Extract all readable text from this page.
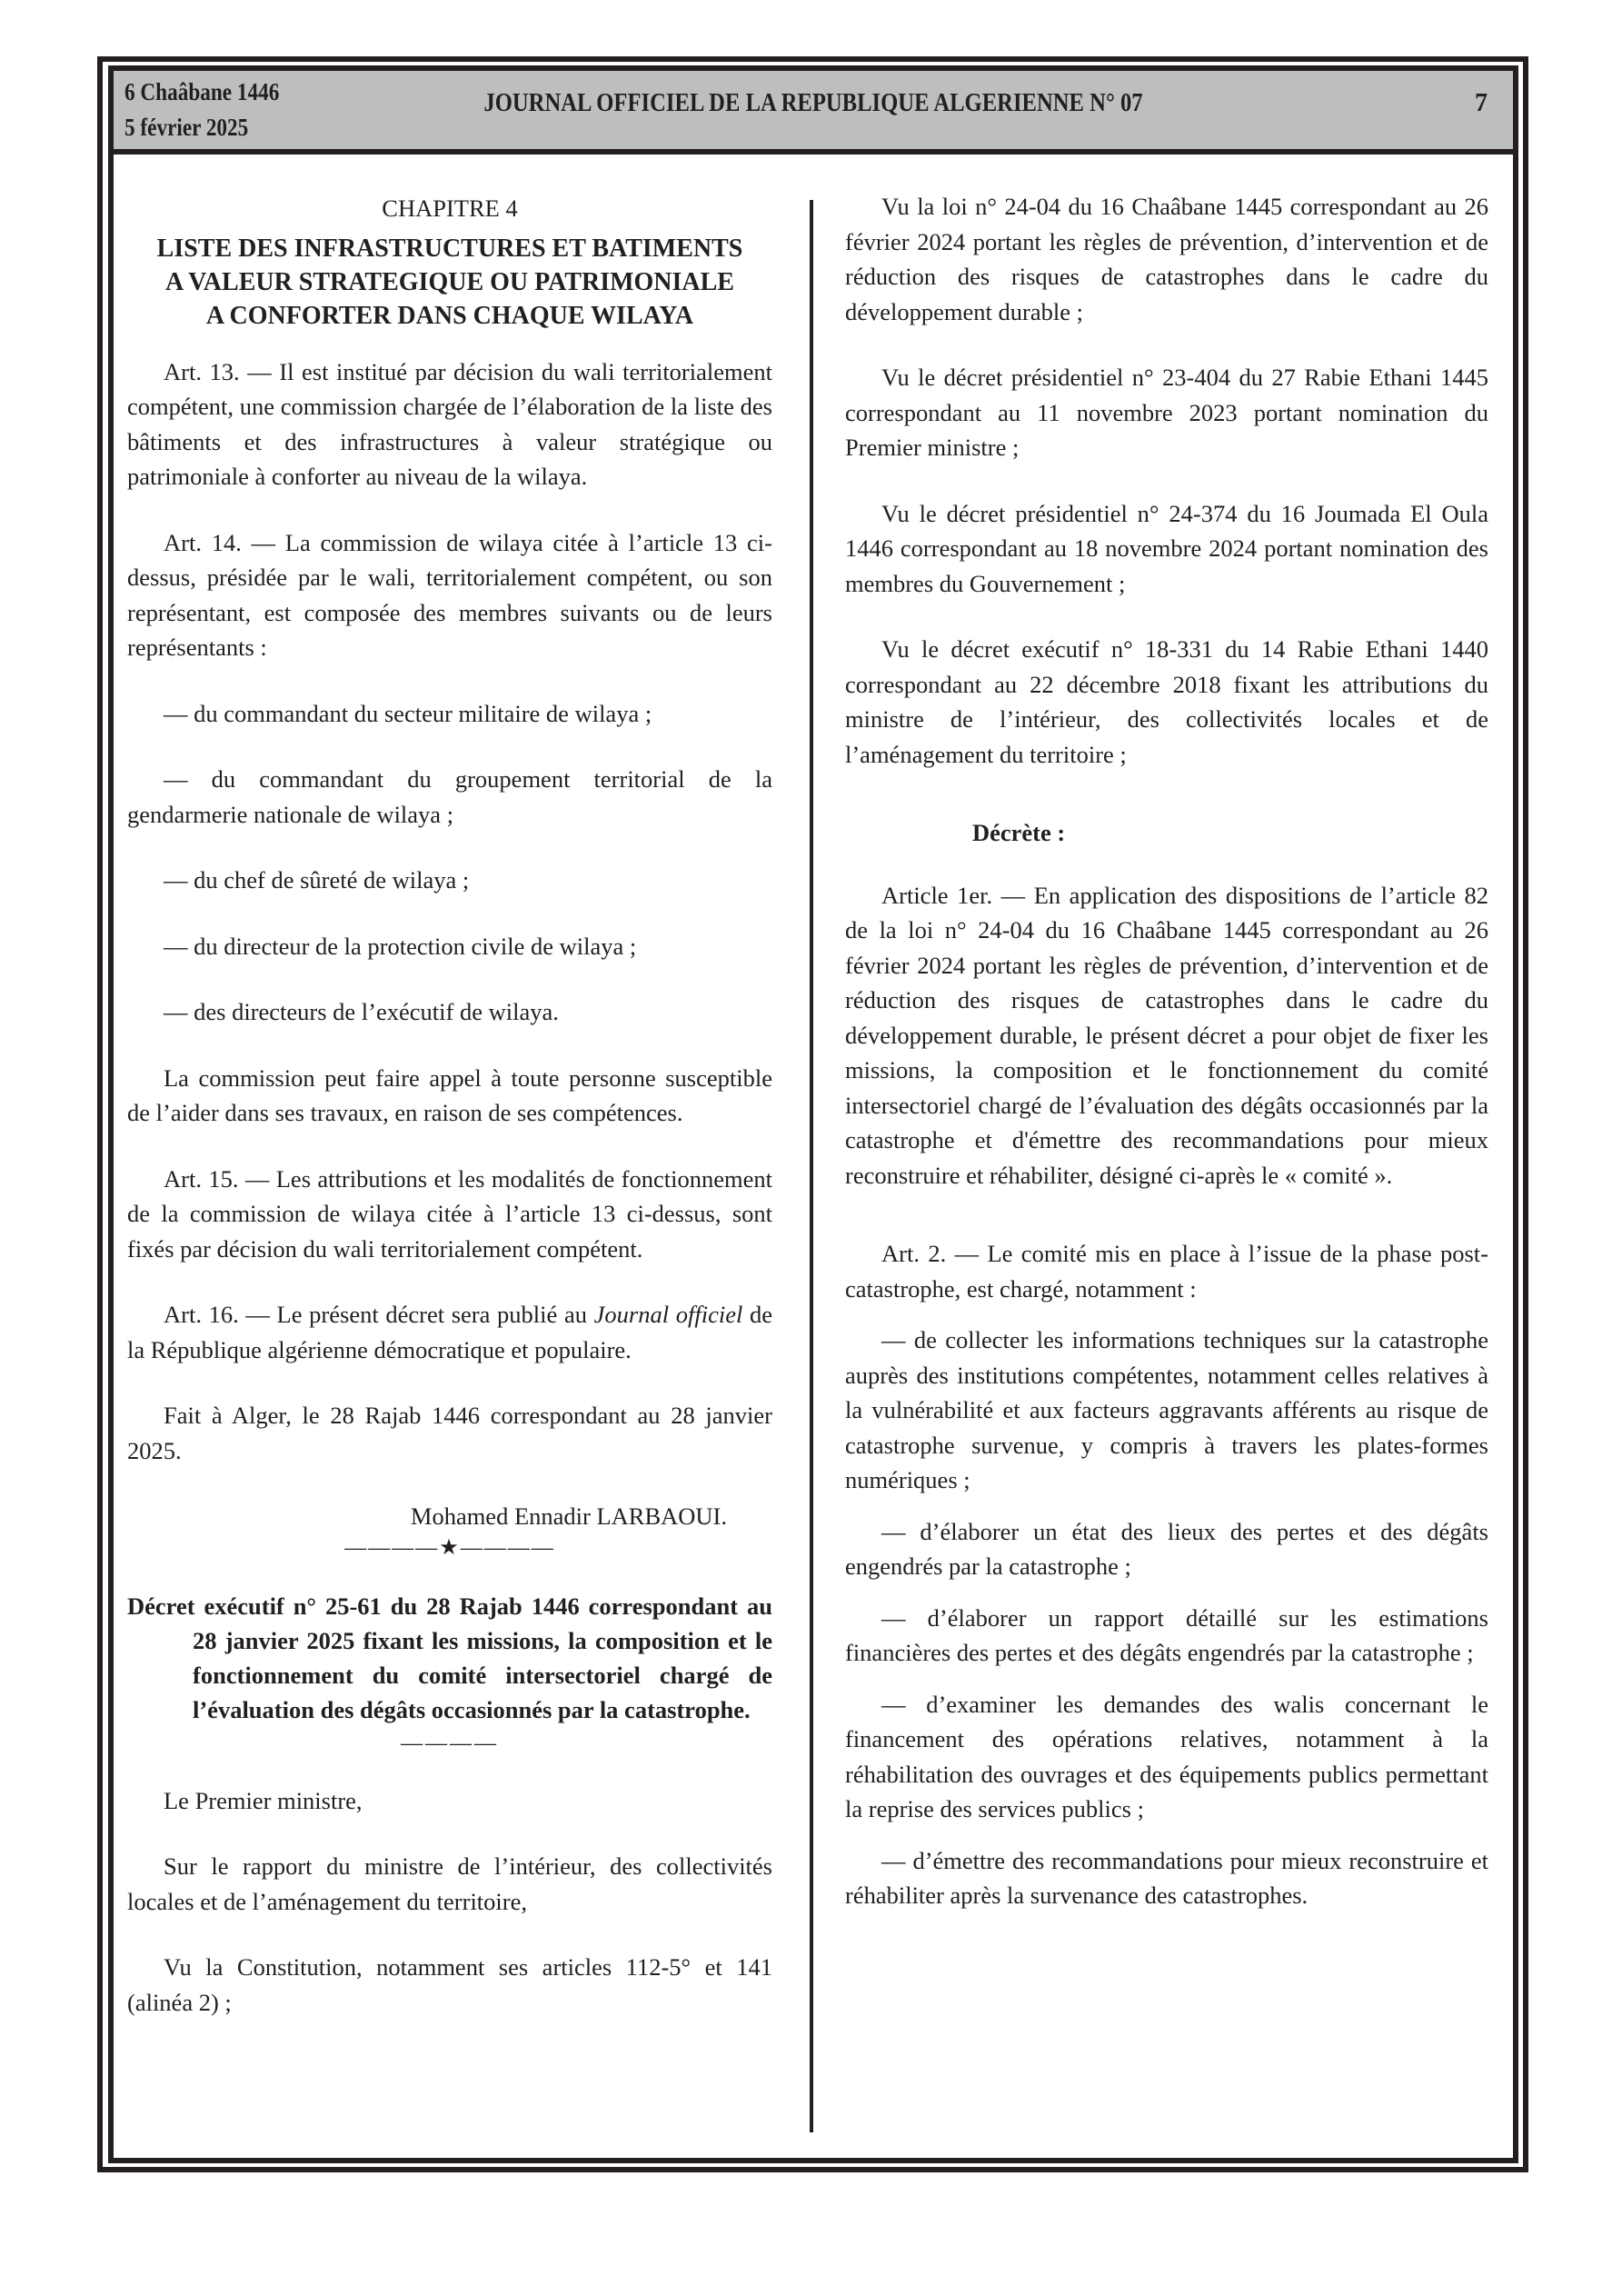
6 Chaâbane 1446
5 février 2025
JOURNAL OFFICIEL DE LA REPUBLIQUE ALGERIENNE N° 07	7
CHAPITRE 4
LISTE DES INFRASTRUCTURES ET BATIMENTS
A VALEUR STRATEGIQUE OU PATRIMONIALE
A CONFORTER DANS CHAQUE WILAYA

Art. 13. — Il est institué par décision du wali territorialement compétent, une commission chargée de l’élaboration de la liste des bâtiments et des infrastructures à valeur stratégique ou patrimoniale à conforter au niveau de la wilaya.

Art. 14. — La commission de wilaya citée à l’article 13 ci-dessus, présidée par le wali, territorialement compétent, ou son représentant, est composée des membres suivants ou de leurs représentants :

— du commandant du secteur militaire de wilaya ;

— du commandant du groupement territorial de la gendarmerie nationale de wilaya ;

— du chef de sûreté de wilaya ;

— du directeur de la protection civile de wilaya ;

— des directeurs de l’exécutif de wilaya.

La commission peut faire appel à toute personne susceptible de l’aider dans ses travaux, en raison de ses compétences.

Art. 15. — Les attributions et les modalités de fonctionnement de la commission de wilaya citée à l’article 13 ci-dessus, sont fixés par décision du wali territorialement compétent.

Art. 16. — Le présent décret sera publié au Journal officiel de la République algérienne démocratique et populaire.

Fait à Alger, le 28 Rajab 1446 correspondant au 28 janvier 2025.

Mohamed Ennadir LARBAOUI.

————★————

Décret exécutif n° 25-61 du 28 Rajab 1446 correspondant au 28 janvier 2025 fixant les missions, la composition et le fonctionnement du comité intersectoriel chargé de l’évaluation des dégâts occasionnés par la catastrophe.

————

Le Premier ministre,

Sur le rapport du ministre de l’intérieur, des collectivités locales et de l’aménagement du territoire,

Vu la Constitution, notamment ses articles 112-5° et 141 (alinéa 2) ;

Vu la loi n° 24-04 du 16 Chaâbane 1445 correspondant au 26 février 2024 portant les règles de prévention, d’intervention et de réduction des risques de catastrophes dans le cadre du développement durable ;

Vu le décret présidentiel n° 23-404 du 27 Rabie Ethani 1445 correspondant au 11 novembre 2023 portant nomination du Premier ministre ;

Vu le décret présidentiel n° 24-374 du 16 Joumada El Oula 1446 correspondant au 18 novembre 2024 portant nomination des membres du Gouvernement ;

Vu le décret exécutif n° 18-331 du 14 Rabie Ethani 1440 correspondant au 22 décembre 2018 fixant les attributions du ministre de l’intérieur, des collectivités locales et de l’aménagement du territoire ;

Décrète :

Article 1er. — En application des dispositions de l’article 82 de la loi n° 24-04 du 16 Chaâbane 1445 correspondant au 26 février 2024 portant les règles de prévention, d’intervention et de réduction des risques de catastrophes dans le cadre du développement durable, le présent décret a pour objet de fixer les missions, la composition et le fonctionnement du comité intersectoriel chargé de l’évaluation des dégâts occasionnés par la catastrophe et d'émettre des recommandations pour mieux reconstruire et réhabiliter, désigné ci-après le « comité ».

Art. 2. — Le comité mis en place à l’issue de la phase post-catastrophe, est chargé, notamment :

— de collecter les informations techniques sur la catastrophe auprès des institutions compétentes, notamment celles relatives à la vulnérabilité et aux facteurs aggravants afférents au risque de catastrophe survenue, y compris à travers les plates-formes numériques ;

— d’élaborer un état des lieux des pertes et des dégâts engendrés par la catastrophe ;

— d’élaborer un rapport détaillé sur les estimations financières des pertes et des dégâts engendrés par la catastrophe ;

— d’examiner les demandes des walis concernant le financement des opérations relatives, notamment à la réhabilitation des ouvrages et des équipements publics permettant la reprise des services publics ;

— d’émettre des recommandations pour mieux reconstruire et réhabiliter après la survenance des catastrophes.
